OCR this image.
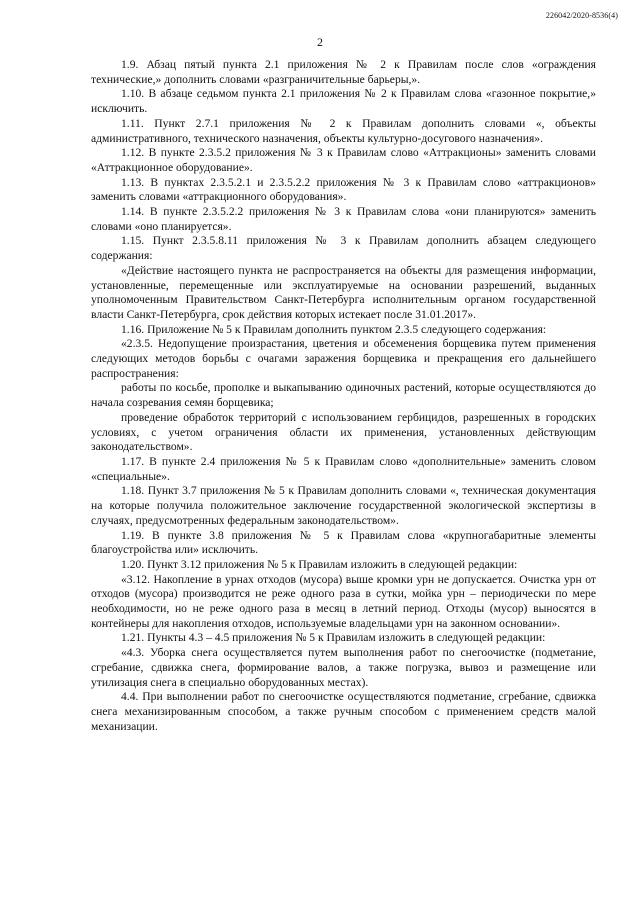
226042/2020-8536(4)
2

1.9. Абзац пятый пункта 2.1 приложения № 2 к Правилам после слов «ограждения технические,» дополнить словами «разграничительные барьеры,».

1.10. В абзаце седьмом пункта 2.1 приложения № 2 к Правилам слова «газонное покрытие,» исключить.

1.11. Пункт 2.7.1 приложения № 2 к Правилам дополнить словами «, объекты административного, технического назначения, объекты культурно-досугового назначения».

1.12. В пункте 2.3.5.2 приложения № 3 к Правилам слово «Аттракционы» заменить словами «Аттракционное оборудование».

1.13. В пунктах 2.3.5.2.1 и 2.3.5.2.2 приложения № 3 к Правилам слово «аттракционов» заменить словами «аттракционного оборудования».

1.14. В пункте 2.3.5.2.2 приложения № 3 к Правилам слова «они планируются» заменить словами «оно планируется».

1.15. Пункт 2.3.5.8.11 приложения № 3 к Правилам дополнить абзацем следующего содержания:

«Действие настоящего пункта не распространяется на объекты для размещения информации, установленные, перемещенные или эксплуатируемые на основании разрешений, выданных уполномоченным Правительством Санкт-Петербурга исполнительным органом государственной власти Санкт-Петербурга, срок действия которых истекает после 31.01.2017».

1.16. Приложение № 5 к Правилам дополнить пунктом 2.3.5 следующего содержания:

«2.3.5. Недопущение произрастания, цветения и обсеменения борщевика путем применения следующих методов борьбы с очагами заражения борщевика и прекращения его дальнейшего распространения:

работы по косьбе, прополке и выкапыванию одиночных растений, которые осуществляются до начала созревания семян борщевика;

проведение обработок территорий с использованием гербицидов, разрешенных в городских условиях, с учетом ограничения области их применения, установленных действующим законодательством».

1.17. В пункте 2.4 приложения № 5 к Правилам слово «дополнительные» заменить словом «специальные».

1.18. Пункт 3.7 приложения № 5 к Правилам дополнить словами «, техническая документация на которые получила положительное заключение государственной экологической экспертизы в случаях, предусмотренных федеральным законодательством».

1.19. В пункте 3.8 приложения № 5 к Правилам слова «крупногабаритные элементы благоустройства или» исключить.

1.20. Пункт 3.12 приложения № 5 к Правилам изложить в следующей редакции:

«3.12. Накопление в урнах отходов (мусора) выше кромки урн не допускается. Очистка урн от отходов (мусора) производится не реже одного раза в сутки, мойка урн – периодически по мере необходимости, но не реже одного раза в месяц в летний период. Отходы (мусор) выносятся в контейнеры для накопления отходов, используемые владельцами урн на законном основании».

1.21. Пункты 4.3 – 4.5 приложения № 5 к Правилам изложить в следующей редакции:

«4.3. Уборка снега осуществляется путем выполнения работ по снегоочистке (подметание, сгребание, сдвижка снега, формирование валов, а также погрузка, вывоз и размещение или утилизация снега в специально оборудованных местах).

4.4. При выполнении работ по снегоочистке осуществляются подметание, сгребание, сдвижка снега механизированным способом, а также ручным способом с применением средств малой механизации.
